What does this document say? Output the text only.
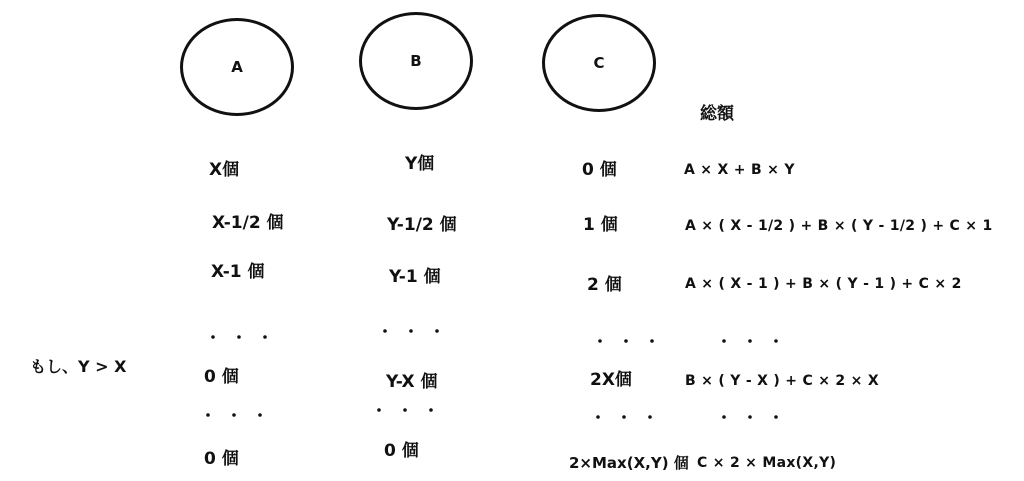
A	B	C
総額
もし、Y > X
X個
X-1/2 個
X-1 個
・・・
0 個
・・・
0 個
Y個
Y-1/2 個
Y-1 個
・・・
Y-X 個
・・・
0 個
0 個
1 個
2 個
・・・
2X個
・・・
2×Max(X,Y) 個
A × X + B × Y
A × ( X - 1/2 ) + B × ( Y - 1/2 ) + C × 1
A × ( X - 1 ) + B × ( Y - 1 ) + C × 2
・・・
B × ( Y - X ) + C × 2 × X
・・・
C × 2 × Max(X,Y)
